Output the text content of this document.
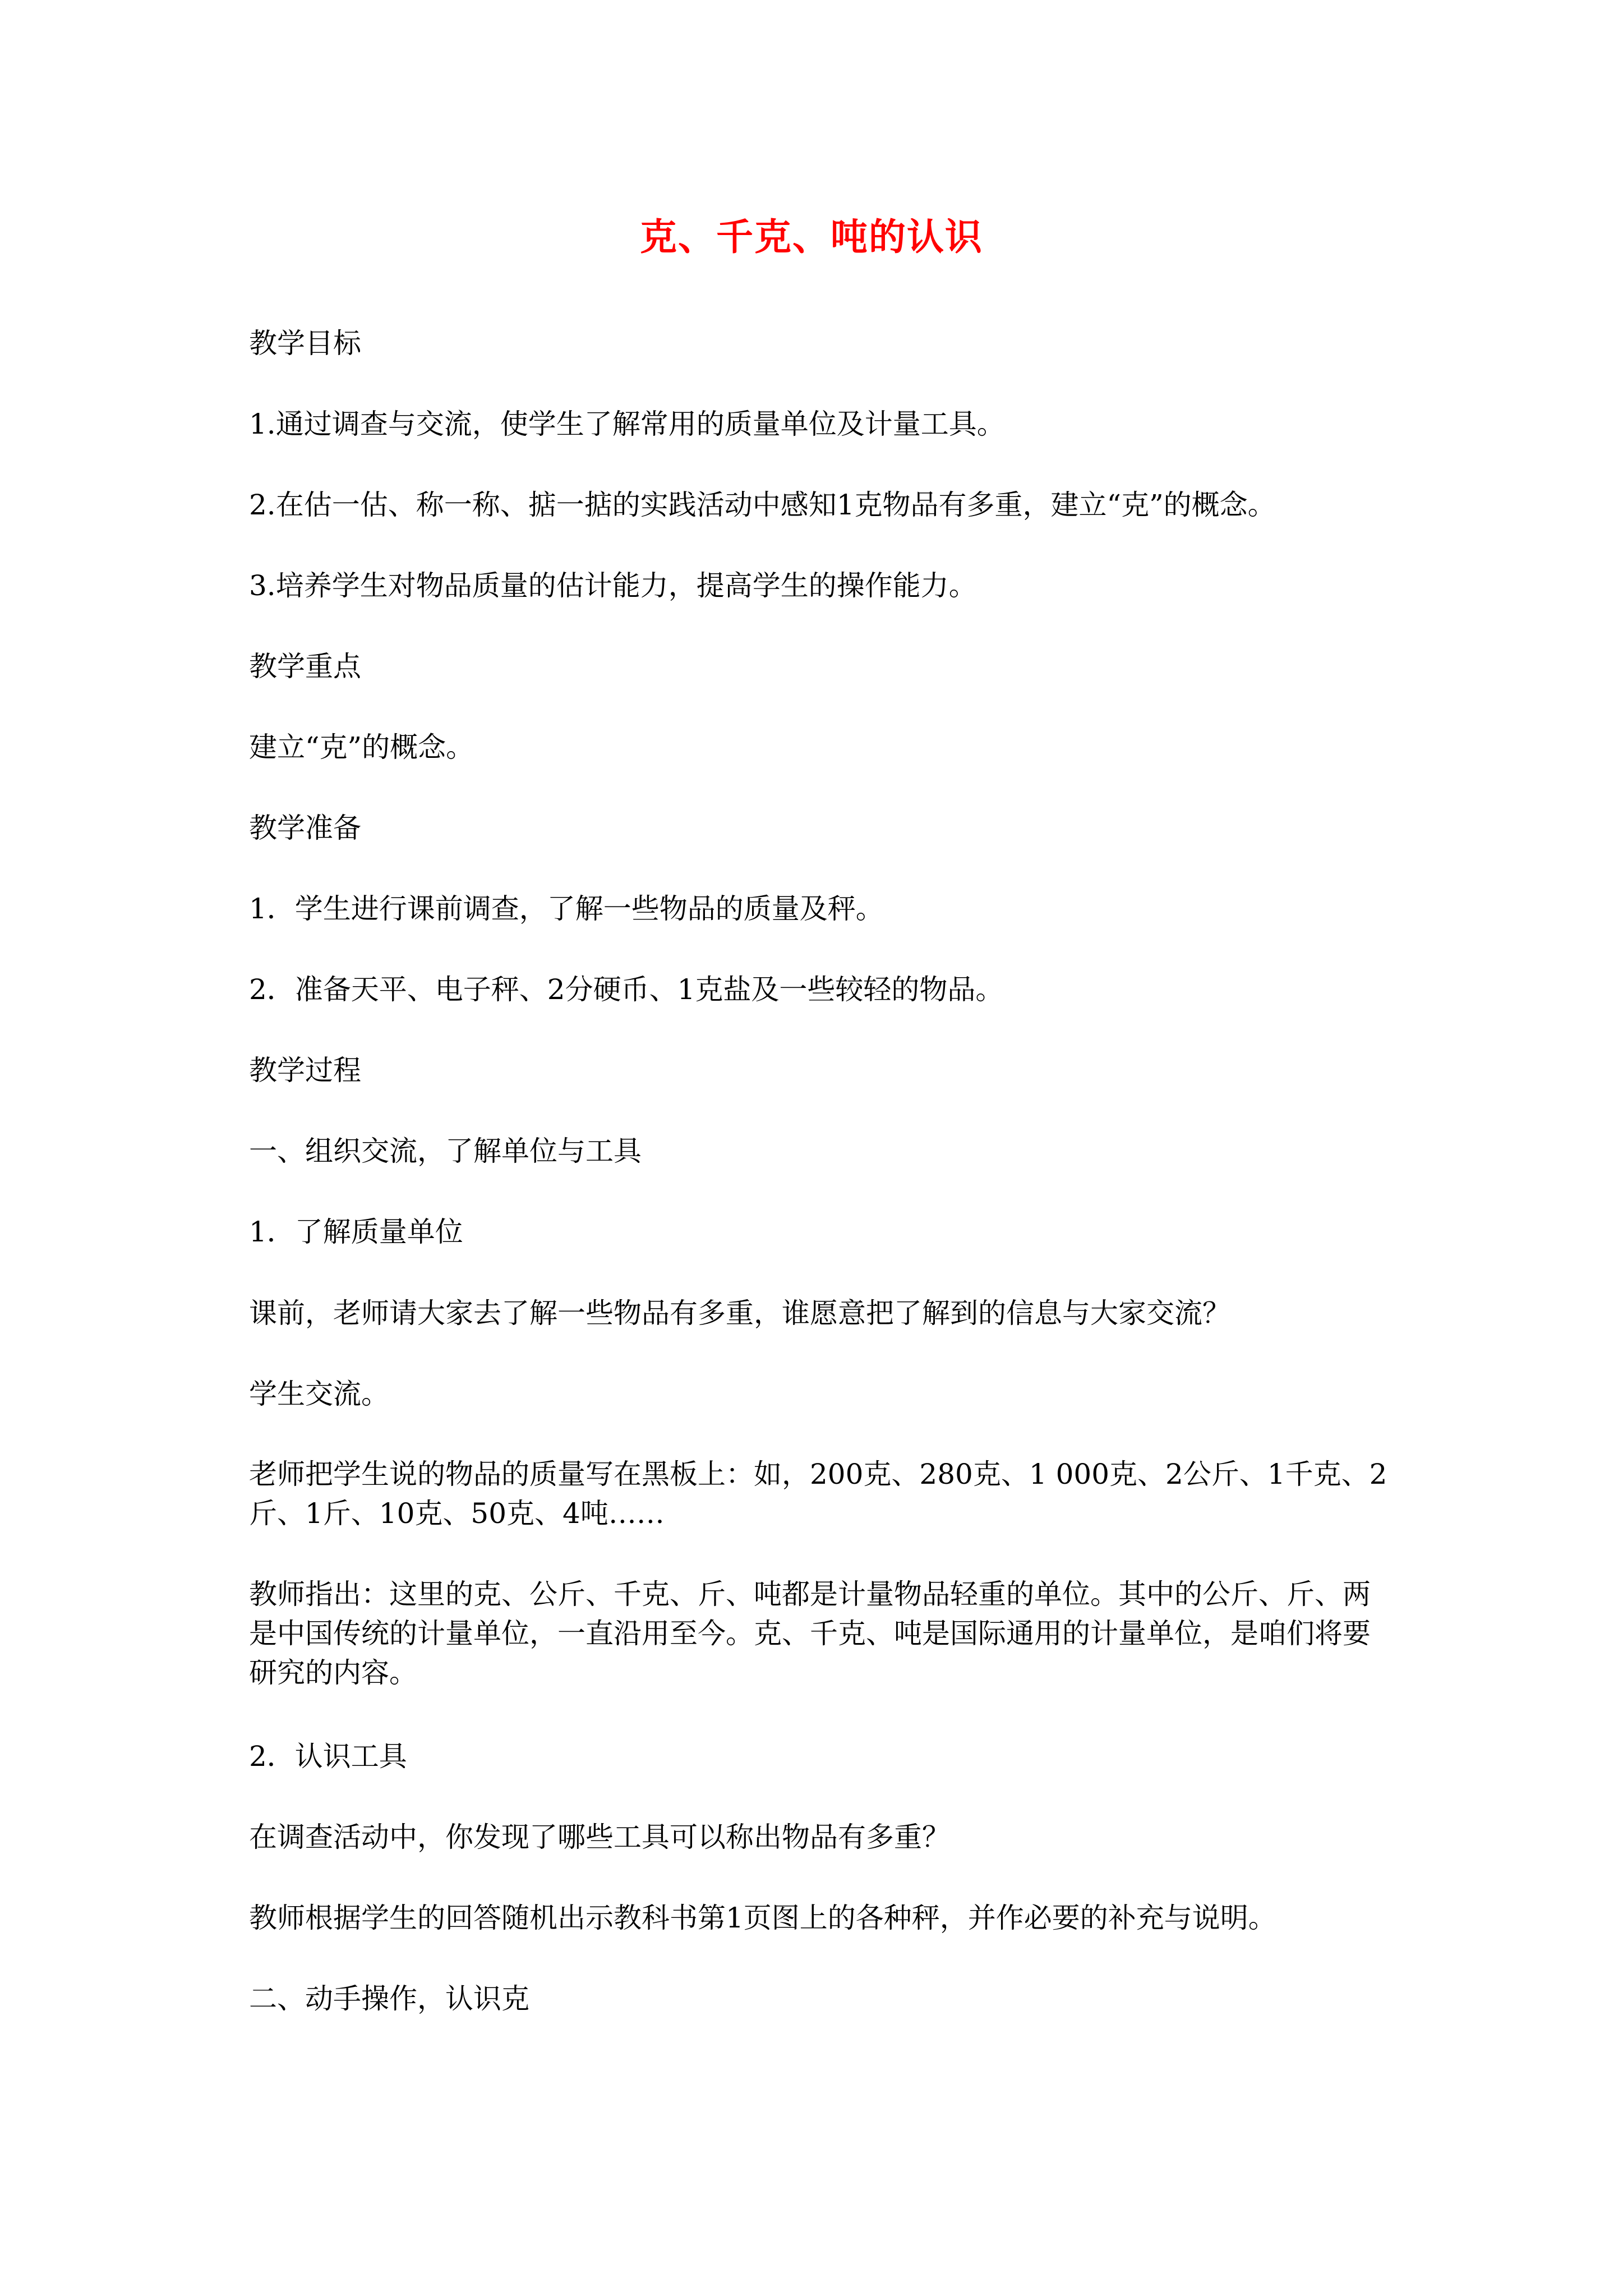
克、千克、吨的认识

教学目标

1.通过调查与交流，使学生了解常用的质量单位及计量工具。

2.在估一估、称一称、掂一掂的实践活动中感知1克物品有多重，建立“克”的概念。

3.培养学生对物品质量的估计能力，提高学生的操作能力。

教学重点

建立“克”的概念。

教学准备

1．学生进行课前调查，了解一些物品的质量及秤。

2．准备天平、电子秤、2分硬币、1克盐及一些较轻的物品。

教学过程

一、组织交流，了解单位与工具

1．了解质量单位

课前，老师请大家去了解一些物品有多重，谁愿意把了解到的信息与大家交流？

学生交流。

老师把学生说的物品的质量写在黑板上：如，200克、280克、1 000克、2公斤、1千克、2斤、1斤、10克、50克、4吨……

教师指出：这里的克、公斤、千克、斤、吨都是计量物品轻重的单位。其中的公斤、斤、两是中国传统的计量单位，一直沿用至今。克、千克、吨是国际通用的计量单位，是咱们将要研究的内容。

2．认识工具

在调查活动中，你发现了哪些工具可以称出物品有多重？

教师根据学生的回答随机出示教科书第1页图上的各种秤，并作必要的补充与说明。

二、动手操作，认识克
